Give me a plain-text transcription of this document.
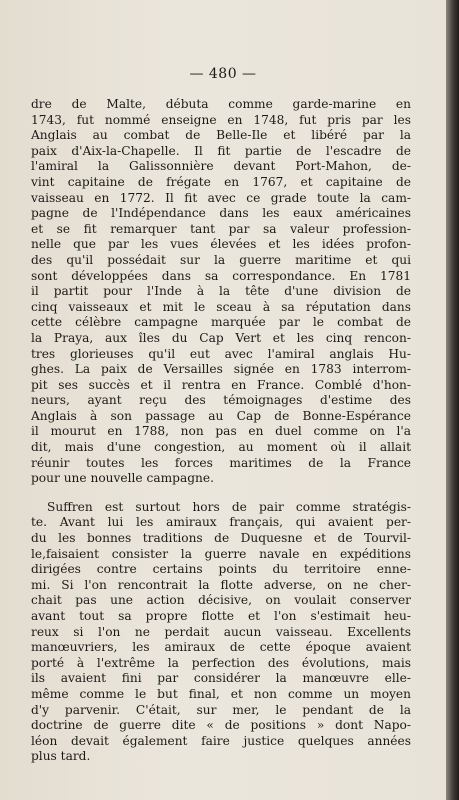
— 480 —
dre de Malte, débuta comme garde-marine en
1743, fut nommé enseigne en 1748, fut pris par les
Anglais au combat de Belle-Ile et libéré par la
paix d'Aix-la-Chapelle. Il fit partie de l'escadre de
l'amiral la Galissonnière devant Port-Mahon, de-
vint capitaine de frégate en 1767, et capitaine de
vaisseau en 1772. Il fit avec ce grade toute la cam-
pagne de l'Indépendance dans les eaux américaines
et se fit remarquer tant par sa valeur profession-
nelle que par les vues élevées et les idées profon-
des qu'il possédait sur la guerre maritime et qui
sont développées dans sa correspondance. En 1781
il partit pour l'Inde à la tête d'une division de
cinq vaisseaux et mit le sceau à sa réputation dans
cette célèbre campagne marquée par le combat de
la Praya, aux îles du Cap Vert et les cinq rencon-
tres glorieuses qu'il eut avec l'amiral anglais Hu-
ghes. La paix de Versailles signée en 1783 interrom-
pit ses succès et il rentra en France. Comblé d'hon-
neurs, ayant reçu des témoignages d'estime des
Anglais à son passage au Cap de Bonne-Espérance
il mourut en 1788, non pas en duel comme on l'a
dit, mais d'une congestion, au moment où il allait
réunir toutes les forces maritimes de la France
pour une nouvelle campagne.
Suffren est surtout hors de pair comme stratégis-
te. Avant lui les amiraux français, qui avaient per-
du les bonnes traditions de Duquesne et de Tourvil-
le,faisaient consister la guerre navale en expéditions
dirigées contre certains points du territoire enne-
mi. Si l'on rencontrait la flotte adverse, on ne cher-
chait pas une action décisive, on voulait conserver
avant tout sa propre flotte et l'on s'estimait heu-
reux si l'on ne perdait aucun vaisseau. Excellents
manœuvriers, les amiraux de cette époque avaient
porté à l'extrême la perfection des évolutions, mais
ils avaient fini par considérer la manœuvre elle-
même comme le but final, et non comme un moyen
d'y parvenir. C'était, sur mer, le pendant de la
doctrine de guerre dite « de positions » dont Napo-
léon devait également faire justice quelques années
plus tard.
